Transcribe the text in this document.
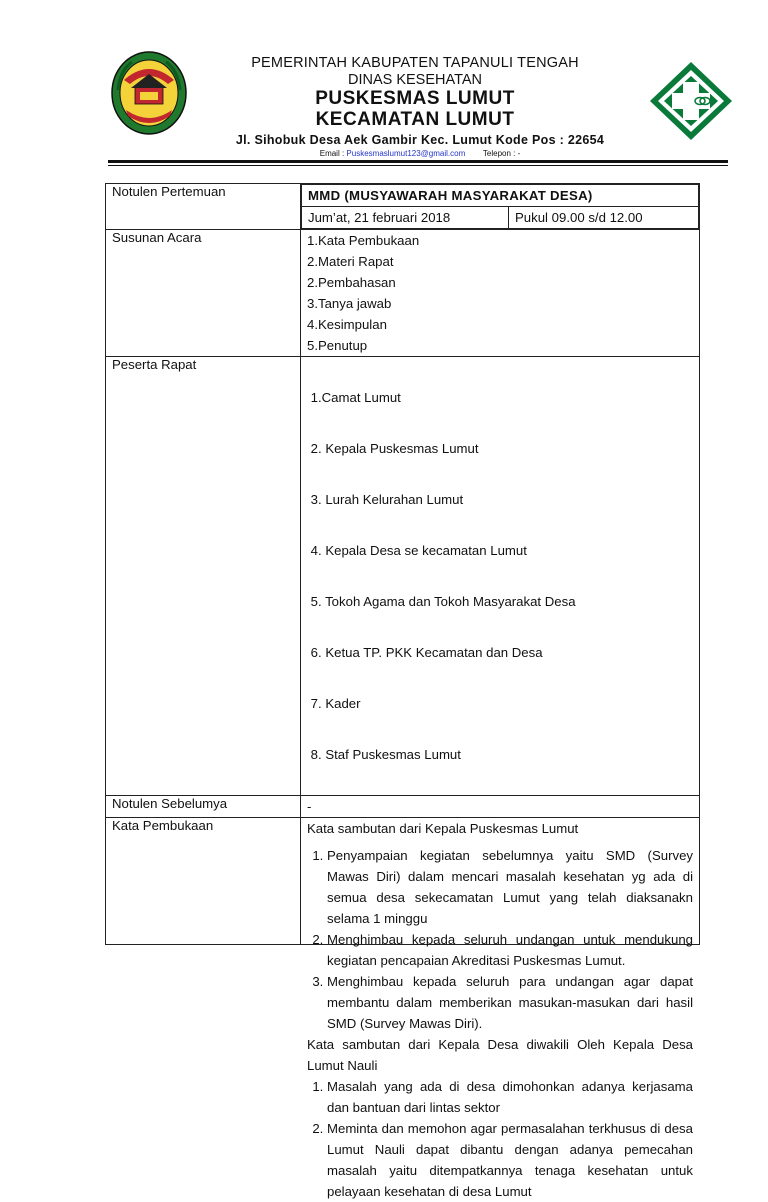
PEMERINTAH KABUPATEN TAPANULI TENGAH
DINAS KESEHATAN
PUSKESMAS LUMUT
KECAMATAN LUMUT
Jl. Sihobuk Desa Aek Gambir Kec. Lumut Kode Pos : 22654
Email : Puskesmaslumut123@gmail.com Telepon : -
Notulen Pertemuan		MMD (MUSYAWARAH MASYARAKAT DESA)
Jum’at, 21 februari 2018	Pukul 09.00 s/d 12.00

Susunan Acara	1.Kata Pembukaan
2.Materi Rapat
2.Pembahasan
3.Tanya jawab
4.Kesimpulan
5.Penutup

Peserta Rapat	

1.Camat Lumut

2. Kepala Puskesmas Lumut

3. Lurah Kelurahan Lumut

4. Kepala Desa se kecamatan Lumut

5. Tokoh Agama dan Tokoh Masyarakat Desa

6. Ketua TP. PKK Kecamatan dan Desa

7. Kader

8. Staf Puskesmas Lumut

Notulen Sebelumya	-
Kata Pembukaan	Kata sambutan dari Kepala Puskesmas Lumut
1. Penyampaian kegiatan sebelumnya yaitu SMD (Survey Mawas Diri) dalam mencari masalah kesehatan yg ada di semua desa sekecamatan Lumut yang telah diaksanakn selama 1 minggu
2. Menghimbau kepada seluruh undangan untuk mendukung kegiatan pencapaian Akreditasi Puskesmas Lumut.
3. Menghimbau kepada seluruh para undangan agar dapat membantu dalam memberikan masukan-masukan dari hasil SMD (Survey Mawas Diri).
Kata sambutan dari Kepala Desa diwakili Oleh Kepala Desa Lumut Nauli
1. Masalah yang ada di desa dimohonkan adanya kerjasama dan bantuan dari lintas sektor
2. Meminta dan memohon agar permasalahan terkhusus di desa Lumut Nauli dapat dibantu dengan adanya pemecahan masalah yaitu ditempatkannya tenaga kesehatan untuk pelayaan kesehatan di desa Lumut
